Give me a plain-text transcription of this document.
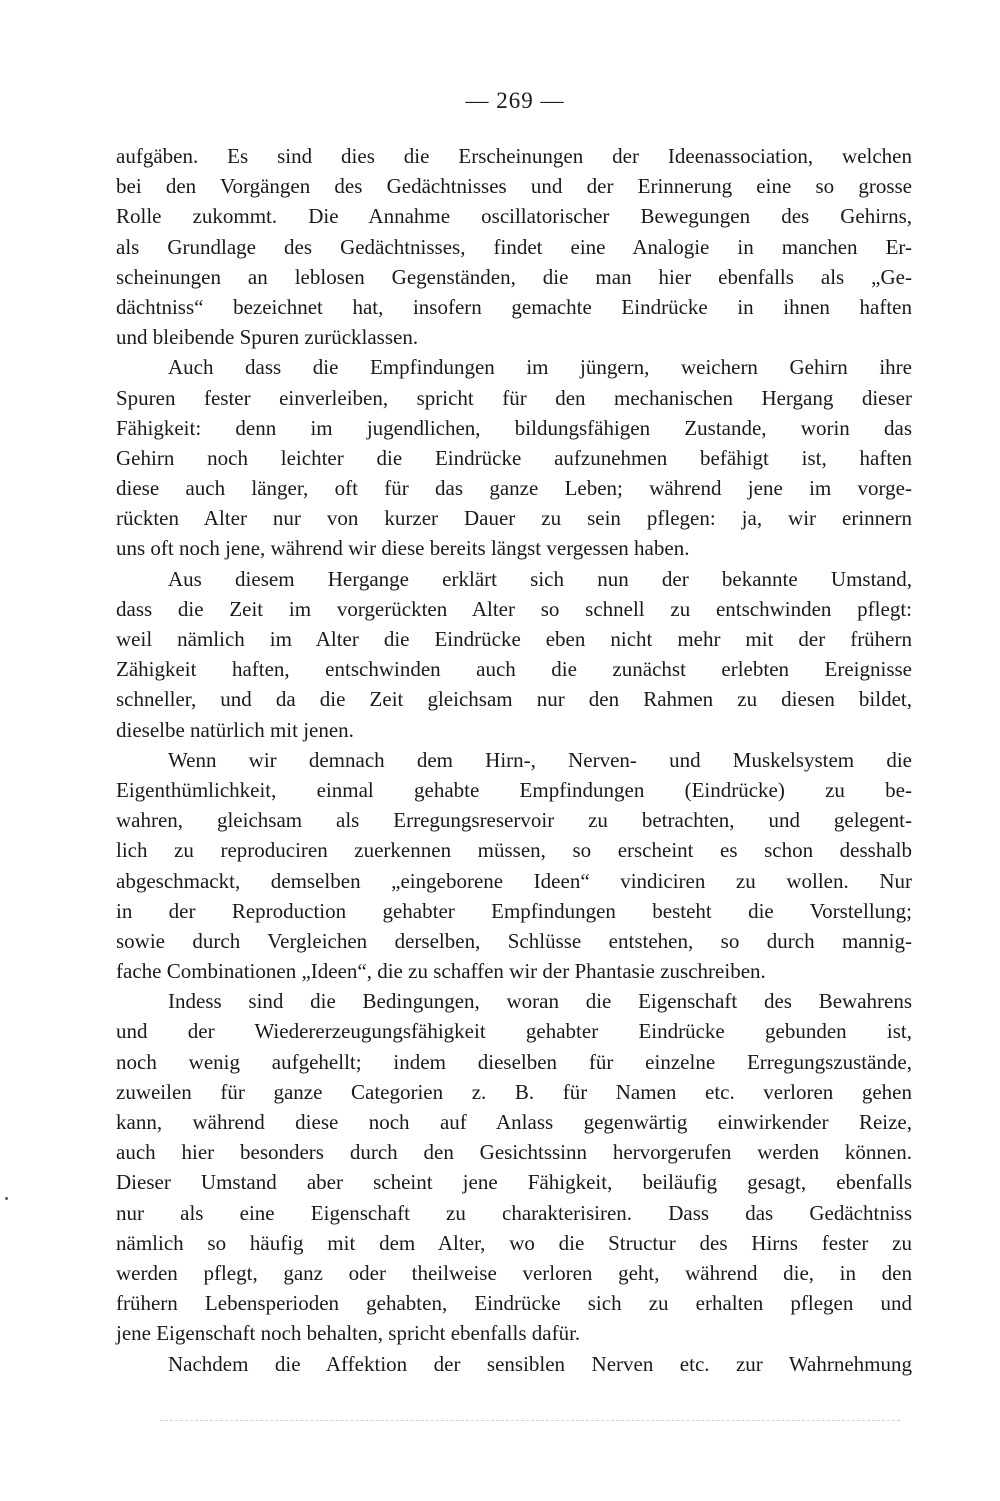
— 269 —
aufgäben. Es sind dies die Erscheinungen der Ideenassociation, welchen
bei den Vorgängen des Gedächtnisses und der Erinnerung eine so grosse
Rolle zukommt. Die Annahme oscillatorischer Bewegungen des Gehirns,
als Grundlage des Gedächtnisses, findet eine Analogie in manchen Er-
scheinungen an leblosen Gegenständen, die man hier ebenfalls als „Ge-
dächtniss“ bezeichnet hat, insofern gemachte Eindrücke in ihnen haften
und bleibende Spuren zurücklassen.
Auch dass die Empfindungen im jüngern, weichern Gehirn ihre
Spuren fester einverleiben, spricht für den mechanischen Hergang dieser
Fähigkeit: denn im jugendlichen, bildungsfähigen Zustande, worin das
Gehirn noch leichter die Eindrücke aufzunehmen befähigt ist, haften
diese auch länger, oft für das ganze Leben; während jene im vorge-
rückten Alter nur von kurzer Dauer zu sein pflegen: ja, wir erinnern
uns oft noch jene, während wir diese bereits längst vergessen haben.
Aus diesem Hergange erklärt sich nun der bekannte Umstand,
dass die Zeit im vorgerückten Alter so schnell zu entschwinden pflegt:
weil nämlich im Alter die Eindrücke eben nicht mehr mit der frühern
Zähigkeit haften, entschwinden auch die zunächst erlebten Ereignisse
schneller, und da die Zeit gleichsam nur den Rahmen zu diesen bildet,
dieselbe natürlich mit jenen.
Wenn wir demnach dem Hirn-, Nerven- und Muskelsystem die
Eigenthümlichkeit, einmal gehabte Empfindungen (Eindrücke) zu be-
wahren, gleichsam als Erregungsreservoir zu betrachten, und gelegent-
lich zu reproduciren zuerkennen müssen, so erscheint es schon desshalb
abgeschmackt, demselben „eingeborene Ideen“ vindiciren zu wollen. Nur
in der Reproduction gehabter Empfindungen besteht die Vorstellung;
sowie durch Vergleichen derselben, Schlüsse entstehen, so durch mannig-
fache Combinationen „Ideen“, die zu schaffen wir der Phantasie zuschreiben.
Indess sind die Bedingungen, woran die Eigenschaft des Bewahrens
und der Wiedererzeugungsfähigkeit gehabter Eindrücke gebunden ist,
noch wenig aufgehellt; indem dieselben für einzelne Erregungszustände,
zuweilen für ganze Categorien z. B. für Namen etc. verloren gehen
kann, während diese noch auf Anlass gegenwärtig einwirkender Reize,
auch hier besonders durch den Gesichtssinn hervorgerufen werden können.
Dieser Umstand aber scheint jene Fähigkeit, beiläufig gesagt, ebenfalls
nur als eine Eigenschaft zu charakterisiren. Dass das Gedächtniss
nämlich so häufig mit dem Alter, wo die Structur des Hirns fester zu
werden pflegt, ganz oder theilweise verloren geht, während die, in den
frühern Lebensperioden gehabten, Eindrücke sich zu erhalten pflegen und
jene Eigenschaft noch behalten, spricht ebenfalls dafür.
Nachdem die Affektion der sensiblen Nerven etc. zur Wahrnehmung
